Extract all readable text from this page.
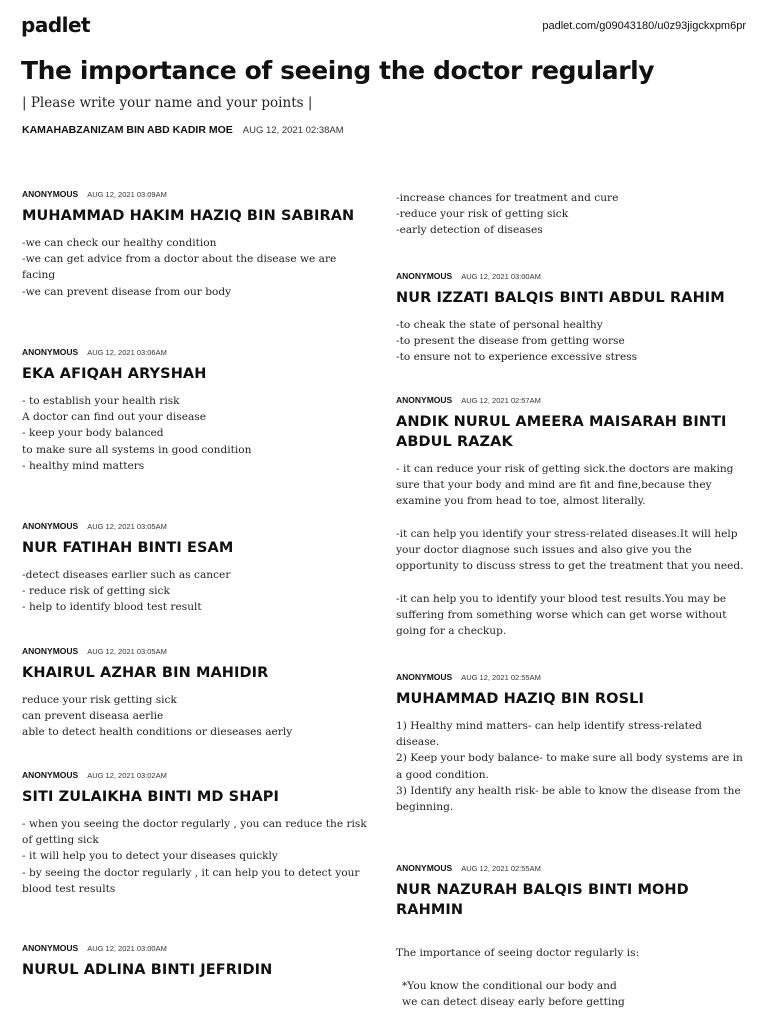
padlet	padlet.com/g09043180/u0z93jigckxpm6pr
The importance of seeing the doctor regularly
| Please write your name and your points |
KAMAHABZANIZAM BIN ABD KADIR MOE AUG 12, 2021 02:38AM
ANONYMOUS AUG 12, 2021 03:09AM
MUHAMMAD HAKIM HAZIQ BIN SABIRAN
-we can check our healthy condition
-we can get advice from a doctor about the disease we are
facing
-we can prevent disease from our body
ANONYMOUS AUG 12, 2021 03:06AM
EKA AFIQAH ARYSHAH
- to establish your health risk
A doctor can find out your disease
- keep your body balanced
to make sure all systems in good condition
- healthy mind matters
ANONYMOUS AUG 12, 2021 03:05AM
NUR FATIHAH BINTI ESAM
-detect diseases earlier such as cancer
- reduce risk of getting sick
- help to identify blood test result
ANONYMOUS AUG 12, 2021 03:05AM
KHAIRUL AZHAR BIN MAHIDIR
reduce your risk getting sick
can prevent diseasa aerlie
able to detect health conditions or dieseases aerly
ANONYMOUS AUG 12, 2021 03:02AM
SITI ZULAIKHA BINTI MD SHAPI
- when you seeing the doctor regularly , you can reduce the risk
of getting sick
- it will help you to detect your diseases quickly
- by seeing the doctor regularly , it can help you to detect your
blood test results
ANONYMOUS AUG 12, 2021 03:00AM
NURUL ADLINA BINTI JEFRIDIN
-increase chances for treatment and cure
-reduce your risk of getting sick
-early detection of diseases
ANONYMOUS AUG 12, 2021 03:00AM
NUR IZZATI BALQIS BINTI ABDUL RAHIM
-to cheak the state of personal healthy
-to present the disease from getting worse
-to ensure not to experience excessive stress
ANONYMOUS AUG 12, 2021 02:57AM
ANDIK NURUL AMEERA MAISARAH BINTI ABDUL RAZAK
- it can reduce your risk of getting sick.the doctors are making
sure that your body and mind are fit and fine,because they
examine you from head to toe, almost literally.
-it can help you identify your stress-related diseases.It will help
your doctor diagnose such issues and also give you the
opportunity to discuss stress to get the treatment that you need.
-it can help you to identify your blood test results.You may be
suffering from something worse which can get worse without
going for a checkup.
ANONYMOUS AUG 12, 2021 02:55AM
MUHAMMAD HAZIQ BIN ROSLI
1) Healthy mind matters- can help identify stress-related
disease.
2) Keep your body balance- to make sure all body systems are in
a good condition.
3) Identify any health risk- be able to know the disease from the
beginning.
ANONYMOUS AUG 12, 2021 02:55AM
NUR NAZURAH BALQIS BINTI MOHD RAHMIN
The importance of seeing doctor regularly is:
*You know the conditional our body and
we can detect diseay early before getting
